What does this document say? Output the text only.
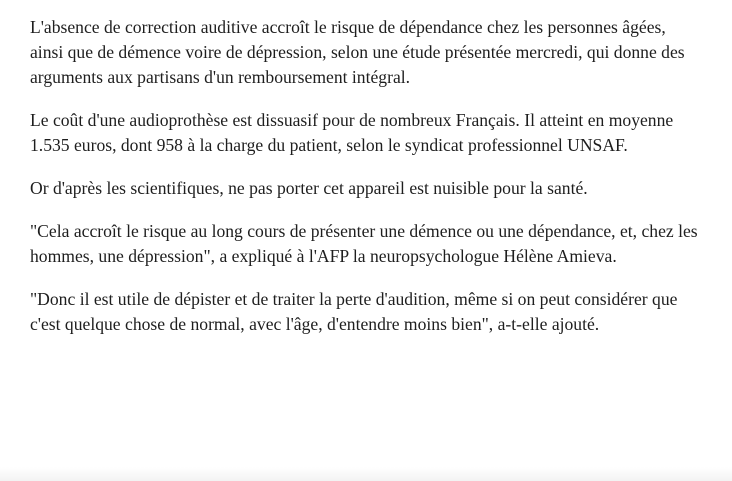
L'absence de correction auditive accroît le risque de dépendance chez les personnes âgées, ainsi que de démence voire de dépression, selon une étude présentée mercredi, qui donne des arguments aux partisans d'un remboursement intégral.

Le coût d'une audioprothèse est dissuasif pour de nombreux Français. Il atteint en moyenne 1.535 euros, dont 958 à la charge du patient, selon le syndicat professionnel UNSAF.

Or d'après les scientifiques, ne pas porter cet appareil est nuisible pour la santé.

"Cela accroît le risque au long cours de présenter une démence ou une dépendance, et, chez les hommes, une dépression", a expliqué à l'AFP la neuropsychologue Hélène Amieva.

"Donc il est utile de dépister et de traiter la perte d'audition, même si on peut considérer que c'est quelque chose de normal, avec l'âge, d'entendre moins bien", a-t-elle ajouté.
